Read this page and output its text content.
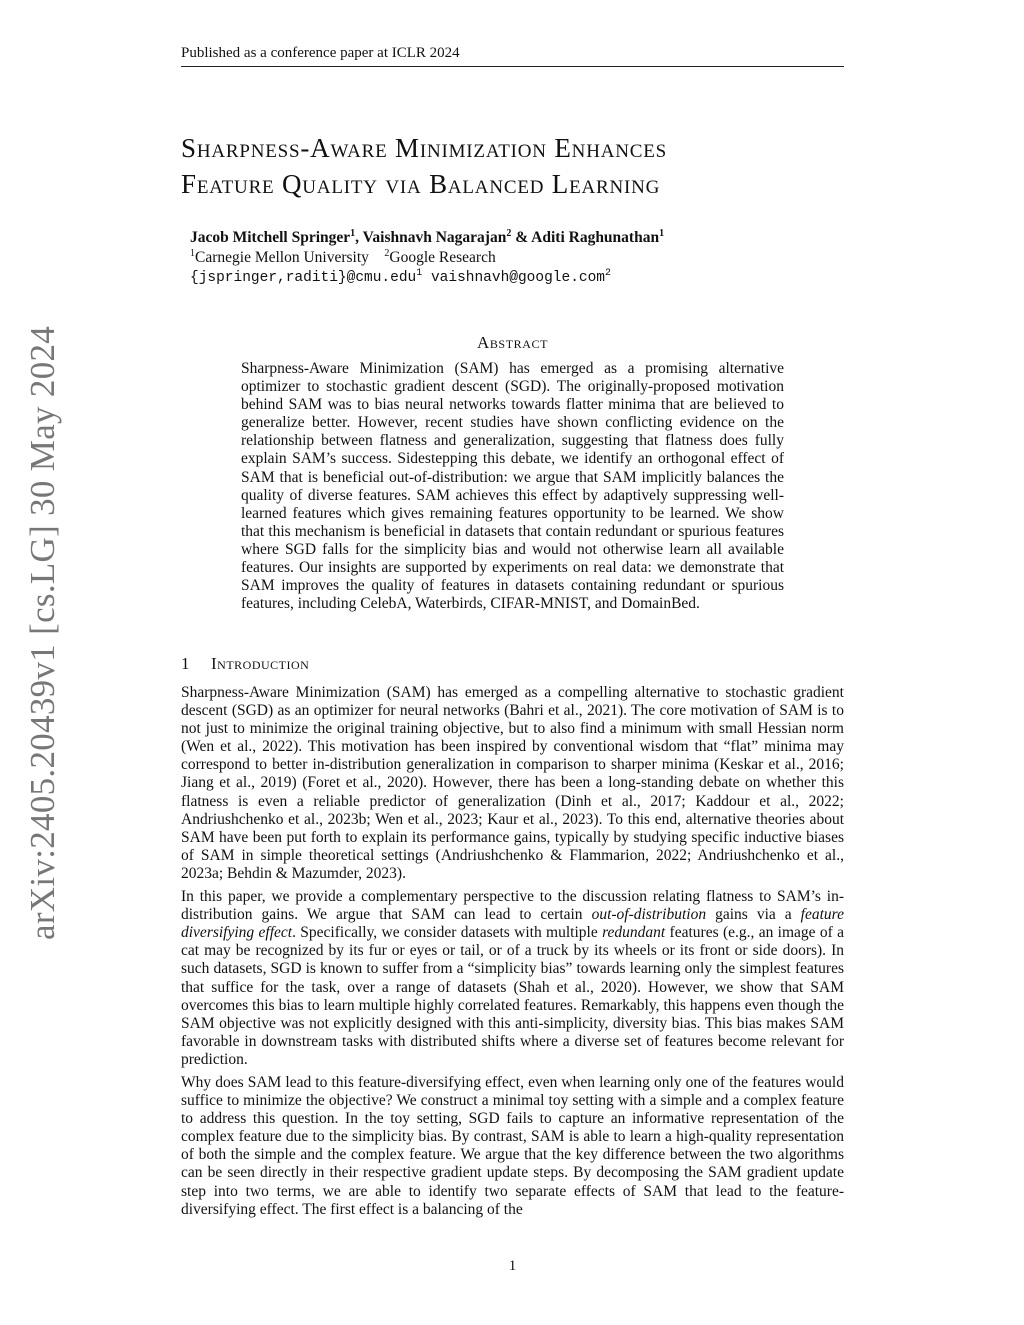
Published as a conference paper at ICLR 2024
arXiv:2405.20439v1 [cs.LG] 30 May 2024
Sharpness-Aware Minimization Enhances
Feature Quality via Balanced Learning
Jacob Mitchell Springer$^1$, Vaishnavh Nagarajan$^2$ & Aditi Raghunathan$^1$
$^1$Carnegie Mellon University $^2$Google Research
{jspringer,raditi}@cmu.edu$^1$ vaishnavh@google.com$^2$
Abstract

Sharpness-Aware Minimization (SAM) has emerged as a promising alternative optimizer to stochastic gradient descent (SGD). The originally-proposed motivation behind SAM was to bias neural networks towards flatter minima that are believed to generalize better. However, recent studies have shown conflicting evidence on the relationship between flatness and generalization, suggesting that flatness does fully explain SAM’s success. Sidestepping this debate, we identify an orthogonal effect of SAM that is beneficial out-of-distribution: we argue that SAM implicitly balances the quality of diverse features. SAM achieves this effect by adaptively suppressing well-learned features which gives remaining features opportunity to be learned. We show that this mechanism is beneficial in datasets that contain redundant or spurious features where SGD falls for the simplicity bias and would not otherwise learn all available features. Our insights are supported by experiments on real data: we demonstrate that SAM improves the quality of features in datasets containing redundant or spurious features, including CelebA, Waterbirds, CIFAR-MNIST, and DomainBed.

1 Introduction

Sharpness-Aware Minimization (SAM) has emerged as a compelling alternative to stochastic gradient descent (SGD) as an optimizer for neural networks (Bahri et al., 2021). The core motivation of SAM is to not just to minimize the original training objective, but to also find a minimum with small Hessian norm (Wen et al., 2022). This motivation has been inspired by conventional wisdom that “flat” minima may correspond to better in-distribution generalization in comparison to sharper minima (Keskar et al., 2016; Jiang et al., 2019) (Foret et al., 2020). However, there has been a long-standing debate on whether this flatness is even a reliable predictor of generalization (Dinh et al., 2017; Kaddour et al., 2022; Andriushchenko et al., 2023b; Wen et al., 2023; Kaur et al., 2023). To this end, alternative theories about SAM have been put forth to explain its performance gains, typically by studying specific inductive biases of SAM in simple theoretical settings (Andriushchenko & Flammarion, 2022; Andriushchenko et al., 2023a; Behdin & Mazumder, 2023).

In this paper, we provide a complementary perspective to the discussion relating flatness to SAM’s in-distribution gains. We argue that SAM can lead to certain out-of-distribution gains via a feature diversifying effect. Specifically, we consider datasets with multiple redundant features (e.g., an image of a cat may be recognized by its fur or eyes or tail, or of a truck by its wheels or its front or side doors). In such datasets, SGD is known to suffer from a “simplicity bias” towards learning only the simplest features that suffice for the task, over a range of datasets (Shah et al., 2020). However, we show that SAM overcomes this bias to learn multiple highly correlated features. Remarkably, this happens even though the SAM objective was not explicitly designed with this anti-simplicity, diversity bias. This bias makes SAM favorable in downstream tasks with distributed shifts where a diverse set of features become relevant for prediction.

Why does SAM lead to this feature-diversifying effect, even when learning only one of the features would suffice to minimize the objective? We construct a minimal toy setting with a simple and a complex feature to address this question. In the toy setting, SGD fails to capture an informative representation of the complex feature due to the simplicity bias. By contrast, SAM is able to learn a high-quality representation of both the simple and the complex feature. We argue that the key difference between the two algorithms can be seen directly in their respective gradient update steps. By decomposing the SAM gradient update step into two terms, we are able to identify two separate effects of SAM that lead to the feature-diversifying effect. The first effect is a balancing of the

1
